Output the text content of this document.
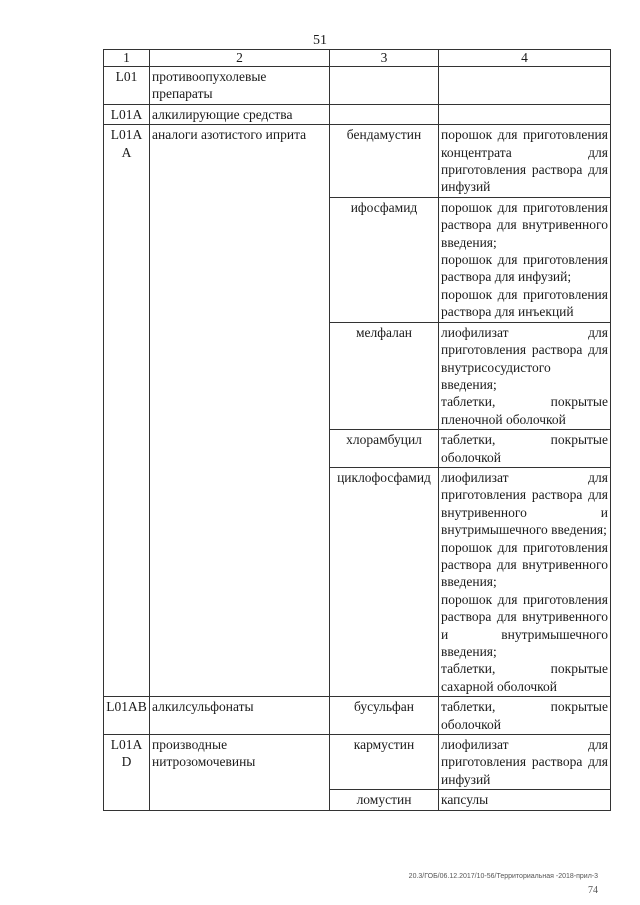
51
1	2	3	4
L01	противоопухолевые препараты		

L01A	алкилирующие средства		

L01AA	аналоги азотистого иприта	бендамустин	порошок для приготовления концентрата для приготовления раствора для инфузий

		ифосфамид	порошок для приготовления раствора для внутривенного введения;
порошок для приготовления раствора для инфузий;
порошок для приготовления раствора для инъекций

		мелфалан	лиофилизат для приготовления раствора для внутрисосудистого введения;
таблетки, покрытые пленочной оболочкой

		хлорамбуцил	таблетки, покрытые оболочкой

		циклофосфамид	лиофилизат для приготовления раствора для внутривенного и внутримышечного введения;
порошок для приготовления раствора для внутривенного введения;
порошок для приготовления раствора для внутривенного и внутримышечного введения;
таблетки, покрытые сахарной оболочкой

L01AB	алкилсульфонаты	бусульфан	таблетки, покрытые оболочкой

L01AD	производные нитрозомочевины	кармустин	лиофилизат для приготовления раствора для инфузий

		ломустин	капсулы
20.3/ГОБ/06.12.2017/10-56/Территориальная -2018-прил-3
74
